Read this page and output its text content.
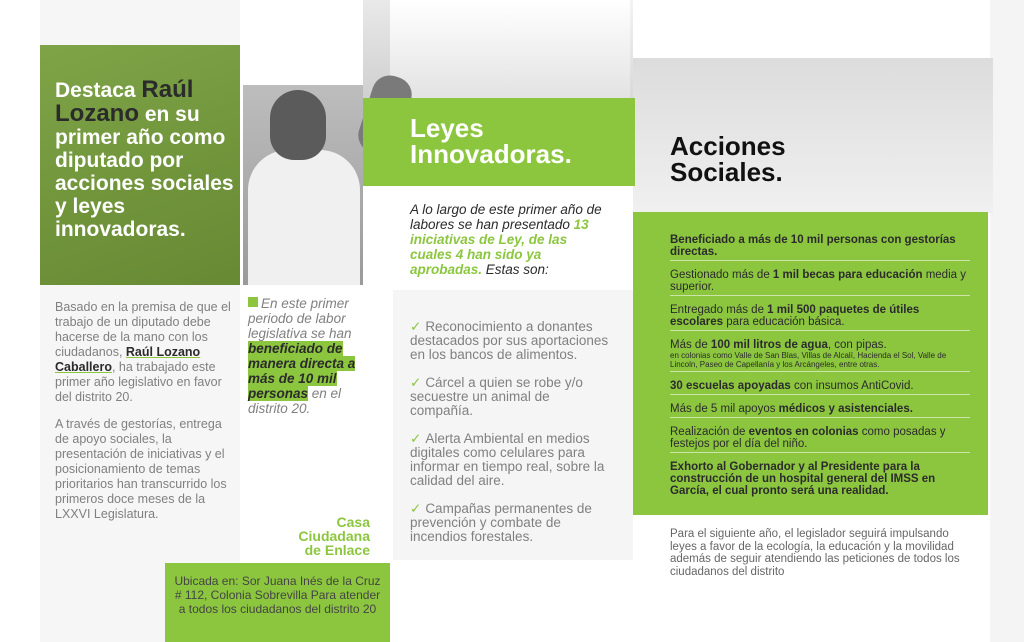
Destaca Raúl
Lozano en su primer año como diputado por acciones sociales y leyes innovadoras.

Basado en la premisa de que el trabajo de un diputado debe hacerse de la mano con los ciudadanos, Raúl Lozano Caballero, ha trabajado este primer año legislativo en favor del distrito 20.

A través de gestorías, entrega de apoyo sociales, la presentación de iniciativas y el posicionamiento de temas prioritarios han transcurrido los primeros doce meses de la LXXVI Legislatura.

En este primer periodo de labor legislativa se han beneficiado de manera directa a más de 10 mil personas en el distrito 20.
Casa
Ciudadana
de Enlace
Ubicada en: Sor Juana Inés de la Cruz # 112, Colonia Sobrevilla Para atender a todos los ciudadanos del distrito 20
Leyes
Innovadoras.
A lo largo de este primer año de labores se han presentado 13 iniciativas de Ley, de las cuales 4 han sido ya aprobadas. Estas son:
✓ Reconocimiento a donantes destacados por sus aportaciones en los bancos de alimentos.
✓ Cárcel a quien se robe y/o secuestre un animal de compañía.
✓ Alerta Ambiental en medios digitales como celulares para informar en tiempo real, sobre la calidad del aire.
✓ Campañas permanentes de prevención y combate de incendios forestales.
Acciones
Sociales.
Beneficiado a más de 10 mil personas con gestorías directas.
Gestionado más de 1 mil becas para educación media y superior.
Entregado más de 1 mil 500 paquetes de útiles escolares para educación básica.
Más de 100 mil litros de agua, con pipas.
en colonias como Valle de San Blas, Villas de Alcalí, Hacienda el Sol, Valle de Lincoln, Paseo de Capellanía y los Arcángeles, entre otras.
30 escuelas apoyadas con insumos AntiCovid.
Más de 5 mil apoyos médicos y asistenciales.
Realización de eventos en colonias como posadas y festejos por el día del niño.
Exhorto al Gobernador y al Presidente para la construcción de un hospital general del IMSS en García, el cual pronto será una realidad.
Para el siguiente año, el legislador seguirá impulsando leyes a favor de la ecología, la educación y la movilidad además de seguir atendiendo las peticiones de todos los ciudadanos del distrito
